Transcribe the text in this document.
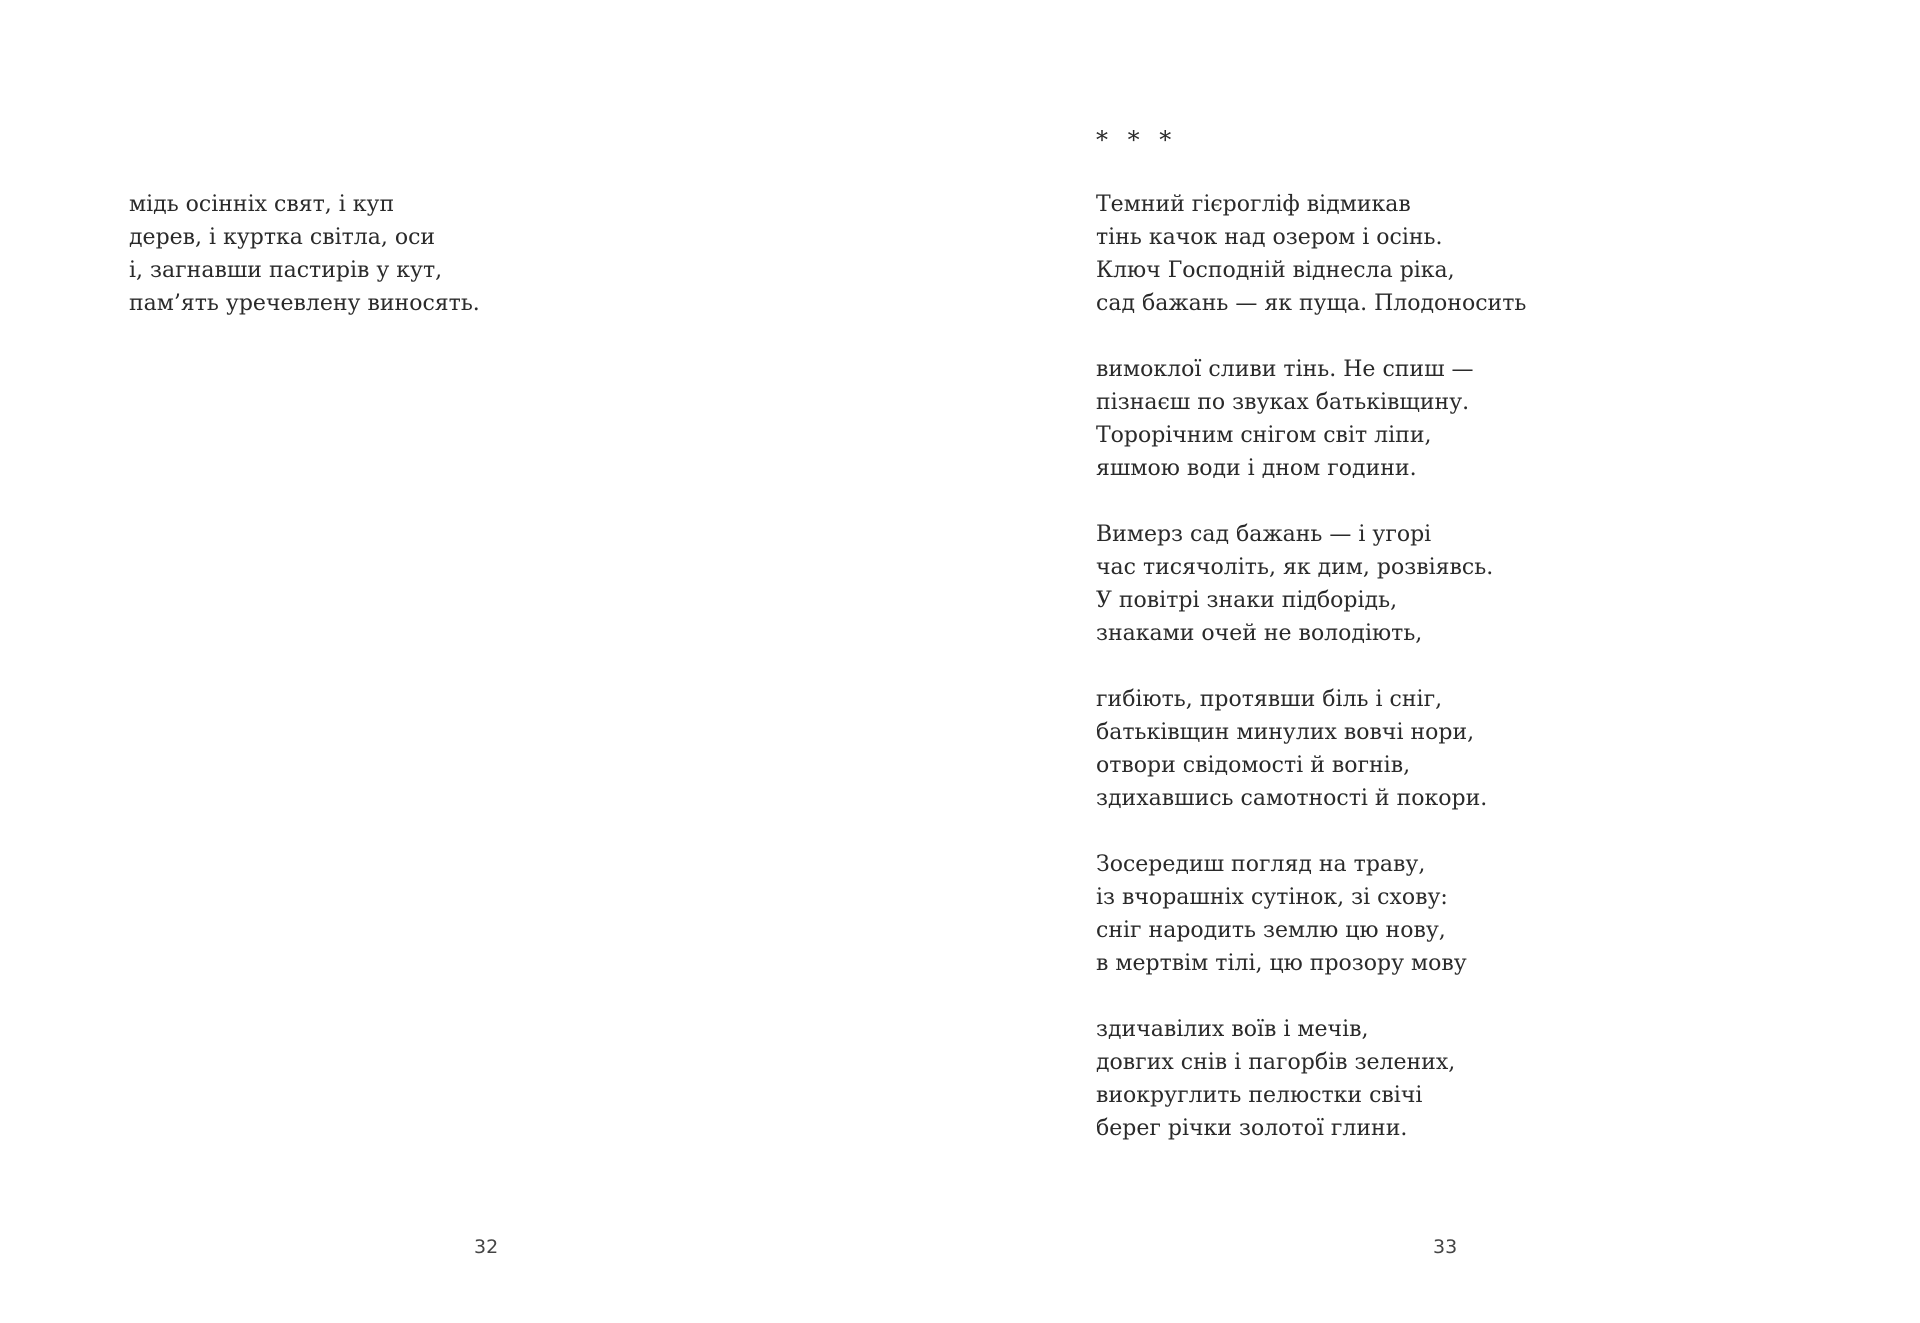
мідь осінніх свят, і куп
дерев, і куртка світла, оси
і, загнавши пастирів у кут,
пам’ять уречевлену виносять.
32
* * *
Темний гієрогліф відмикав
тінь качок над озером і осінь.
Ключ Господній віднесла ріка,
сад бажань — як пуща. Плодоносить
вимоклої сливи тінь. Не спиш —
пізнаєш по звуках батьківщину.
Торорічним снігом світ ліпи,
яшмою води і дном години.
Вимерз сад бажань — і угорі
час тисячоліть, як дим, розвіявсь.
У повітрі знаки підборідь,
знаками очей не володіють,
гибіють, протявши біль і сніг,
батьківщин минулих вовчі нори,
отвори свідомості й вогнів,
здихавшись самотності й покори.
Зосередиш погляд на траву,
із вчорашніх сутінок, зі схову:
сніг народить землю цю нову,
в мертвім тілі, цю прозору мову
здичавілих воїв і мечів,
довгих снів і пагорбів зелених,
виокруглить пелюстки свічі
берег річки золотої глини.
33
